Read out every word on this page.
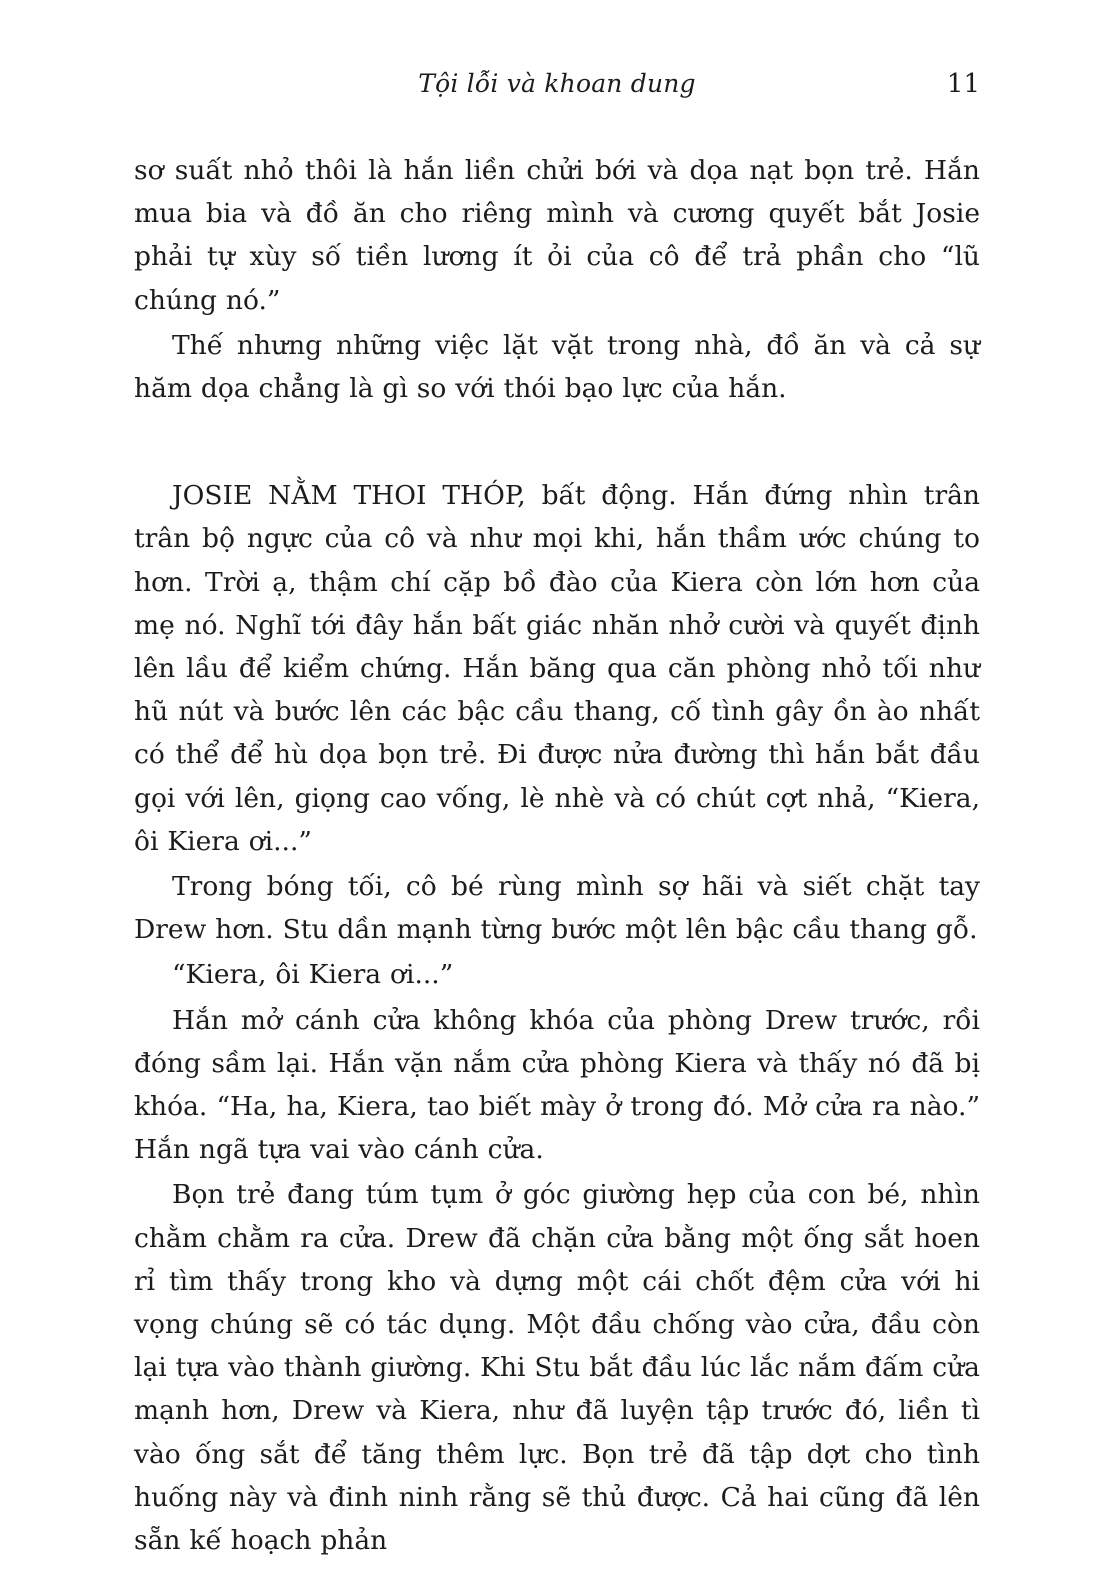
Tội lỗi và khoan dung	11

sơ suất nhỏ thôi là hắn liền chửi bới và dọa nạt bọn trẻ. Hắn mua bia và đồ ăn cho riêng mình và cương quyết bắt Josie phải tự xùy số tiền lương ít ỏi của cô để trả phần cho “lũ chúng nó.”

Thế nhưng những việc lặt vặt trong nhà, đồ ăn và cả sự hăm dọa chẳng là gì so với thói bạo lực của hắn.

JOSIE NẰM THOI THÓP, bất động. Hắn đứng nhìn trân trân bộ ngực của cô và như mọi khi, hắn thầm ước chúng to hơn. Trời ạ, thậm chí cặp bồ đào của Kiera còn lớn hơn của mẹ nó. Nghĩ tới đây hắn bất giác nhăn nhở cười và quyết định lên lầu để kiểm chứng. Hắn băng qua căn phòng nhỏ tối như hũ nút và bước lên các bậc cầu thang, cố tình gây ồn ào nhất có thể để hù dọa bọn trẻ. Đi được nửa đường thì hắn bắt đầu gọi với lên, giọng cao vống, lè nhè và có chút cợt nhả, “Kiera, ôi Kiera ơi...”

Trong bóng tối, cô bé rùng mình sợ hãi và siết chặt tay Drew hơn. Stu dần mạnh từng bước một lên bậc cầu thang gỗ.

“Kiera, ôi Kiera ơi...”

Hắn mở cánh cửa không khóa của phòng Drew trước, rồi đóng sầm lại. Hắn vặn nắm cửa phòng Kiera và thấy nó đã bị khóa. “Ha, ha, Kiera, tao biết mày ở trong đó. Mở cửa ra nào.” Hắn ngã tựa vai vào cánh cửa.

Bọn trẻ đang túm tụm ở góc giường hẹp của con bé, nhìn chằm chằm ra cửa. Drew đã chặn cửa bằng một ống sắt hoen rỉ tìm thấy trong kho và dựng một cái chốt đệm cửa với hi vọng chúng sẽ có tác dụng. Một đầu chống vào cửa, đầu còn lại tựa vào thành giường. Khi Stu bắt đầu lúc lắc nắm đấm cửa mạnh hơn, Drew và Kiera, như đã luyện tập trước đó, liền tì vào ống sắt để tăng thêm lực. Bọn trẻ đã tập dợt cho tình huống này và đinh ninh rằng sẽ thủ được. Cả hai cũng đã lên sẵn kế hoạch phản
